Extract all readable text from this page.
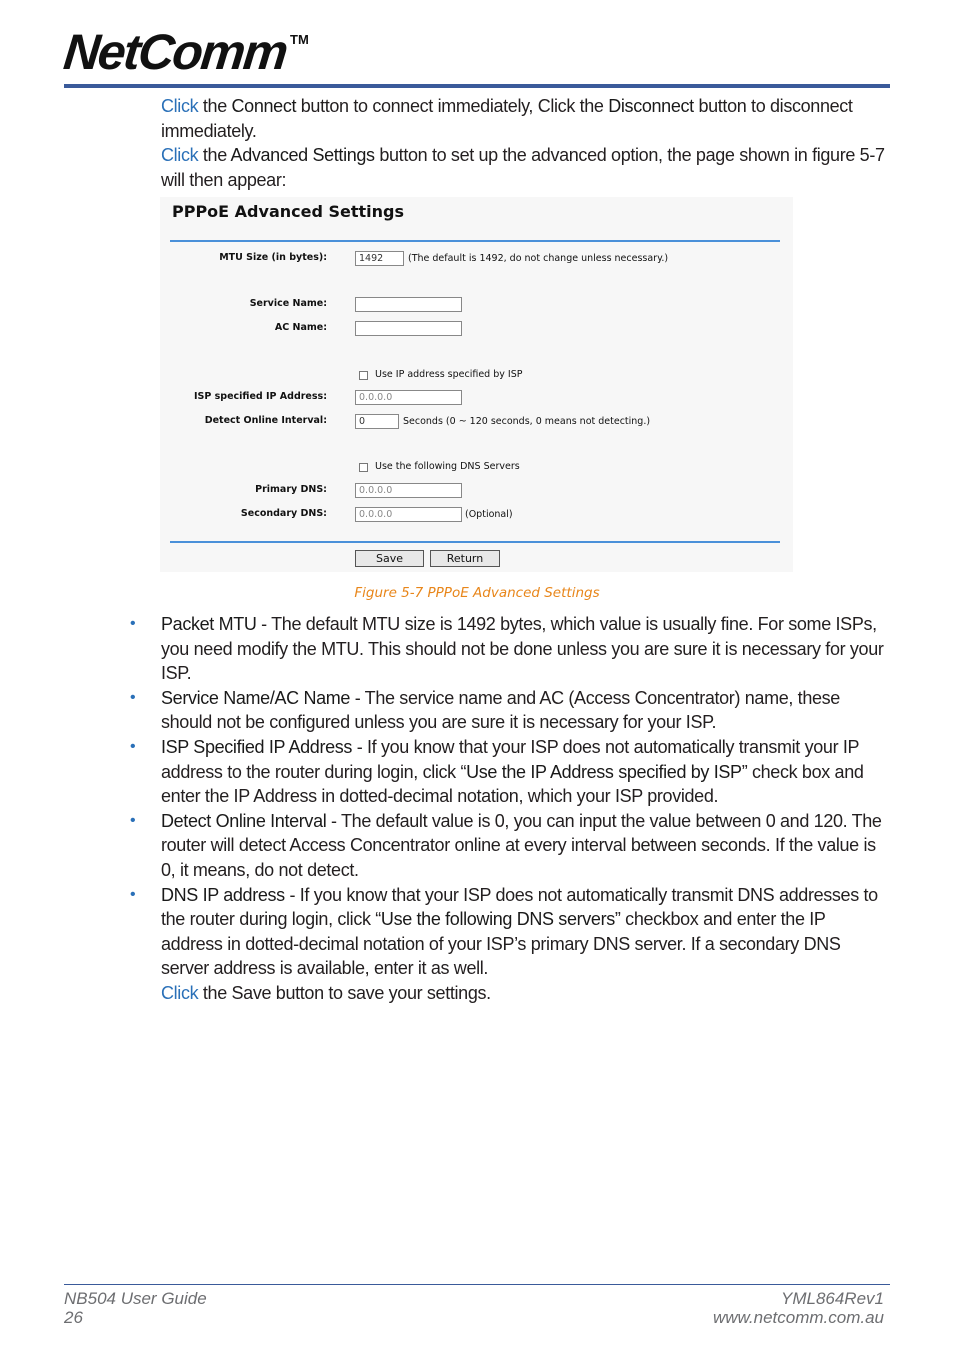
NetComm TM

Click the Connect button to connect immediately, Click the Disconnect button to disconnect immediately.

Click the Advanced Settings button to set up the advanced option, the page shown in figure 5-7 will then appear:

PPPoE Advanced Settings
MTU Size (in bytes):	1492	(The default is 1492, do not change unless necessary.)
Service Name:
AC Name:
Use IP address specified by ISP
ISP specified IP Address:	0.0.0.0
Detect Online Interval:	0	Seconds (0 ~ 120 seconds, 0 means not detecting.)
Use the following DNS Servers
Primary DNS:	0.0.0.0
Secondary DNS:	0.0.0.0	(Optional)
Save	Return
Figure 5-7 PPPoE Advanced Settings

• Packet MTU - The default MTU size is 1492 bytes, which value is usually fine. For some ISPs, you need modify the MTU. This should not be done unless you are sure it is necessary for your ISP.

• Service Name/AC Name - The service name and AC (Access Concentrator) name, these should not be configured unless you are sure it is necessary for your ISP.

• ISP Specified IP Address - If you know that your ISP does not automatically transmit your IP address to the router during login, click “Use the IP Address specified by ISP” check box and enter the IP Address in dotted-decimal notation, which your ISP provided.

• Detect Online Interval - The default value is 0, you can input the value between 0 and 120. The router will detect Access Concentrator online at every interval between seconds. If the value is 0, it means, do not detect.

• DNS IP address - If you know that your ISP does not automatically transmit DNS addresses to the router during login, click “Use the following DNS servers” checkbox and enter the IP address in dotted-decimal notation of your ISP’s primary DNS server. If a secondary DNS server address is available, enter it as well.

Click the Save button to save your settings.

NB504 User Guide
26
YML864Rev1
www.netcomm.com.au
